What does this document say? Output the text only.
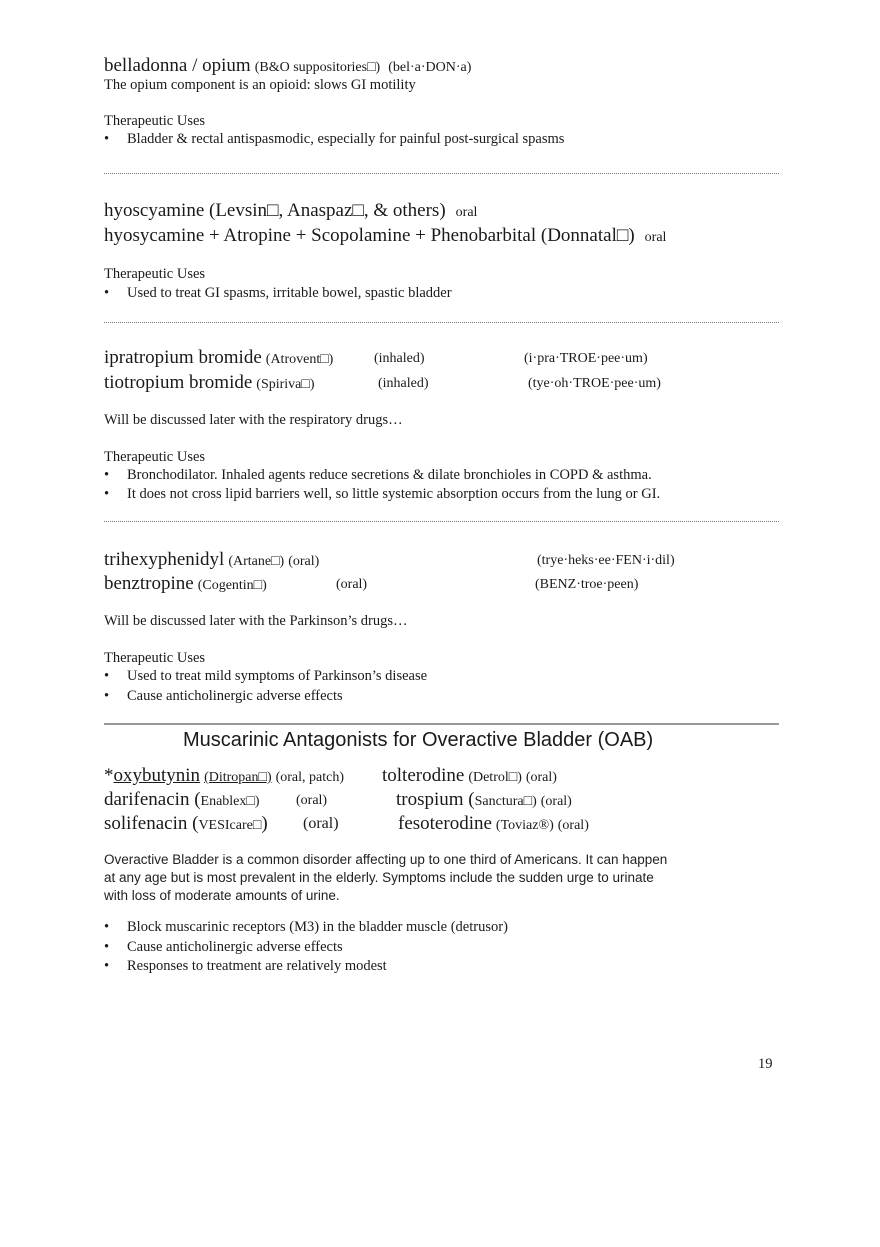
belladonna / opium (B&O suppositories□) (bel·a·DON·a)
The opium component is an opioid: slows GI motility
Therapeutic Uses
• Bladder & rectal antispasmodic, especially for painful post-surgical spasms
hyoscyamine (Levsin□, Anaspaz□, & others) oral
hyosycamine + Atropine + Scopolamine + Phenobarbital (Donnatal□) oral
Therapeutic Uses
• Used to treat GI spasms, irritable bowel, spastic bladder
ipratropium bromide (Atrovent□)	(inhaled)	(i·pra·TROE·pee·um)
tiotropium bromide (Spiriva□)	(inhaled)	(tye·oh·TROE·pee·um)
Will be discussed later with the respiratory drugs…
Therapeutic Uses
• Bronchodilator. Inhaled agents reduce secretions & dilate bronchioles in COPD & asthma.
• It does not cross lipid barriers well, so little systemic absorption occurs from the lung or GI.
trihexyphenidyl (Artane□) (oral)	(trye·heks·ee·FEN·i·dil)
benztropine (Cogentin□)	(oral)	(BENZ·troe·peen)
Will be discussed later with the Parkinson’s drugs…
Therapeutic Uses
• Used to treat mild symptoms of Parkinson’s disease
• Cause anticholinergic adverse effects
Muscarinic Antagonists for Overactive Bladder (OAB)
*oxybutynin (Ditropan□) (oral, patch) tolterodine (Detrol□) (oral)
darifenacin (Enablex□)	(oral)	trospium (Sanctura□) (oral)
solifenacin (VESIcare□) (oral)	fesoterodine (Toviaz®) (oral)
Overactive Bladder is a common disorder affecting up to one third of Americans. It can happen
at any age but is most prevalent in the elderly. Symptoms include the sudden urge to urinate
with loss of moderate amounts of urine.
• Block muscarinic receptors (M3) in the bladder muscle (detrusor)
• Cause anticholinergic adverse effects
• Responses to treatment are relatively modest
19
